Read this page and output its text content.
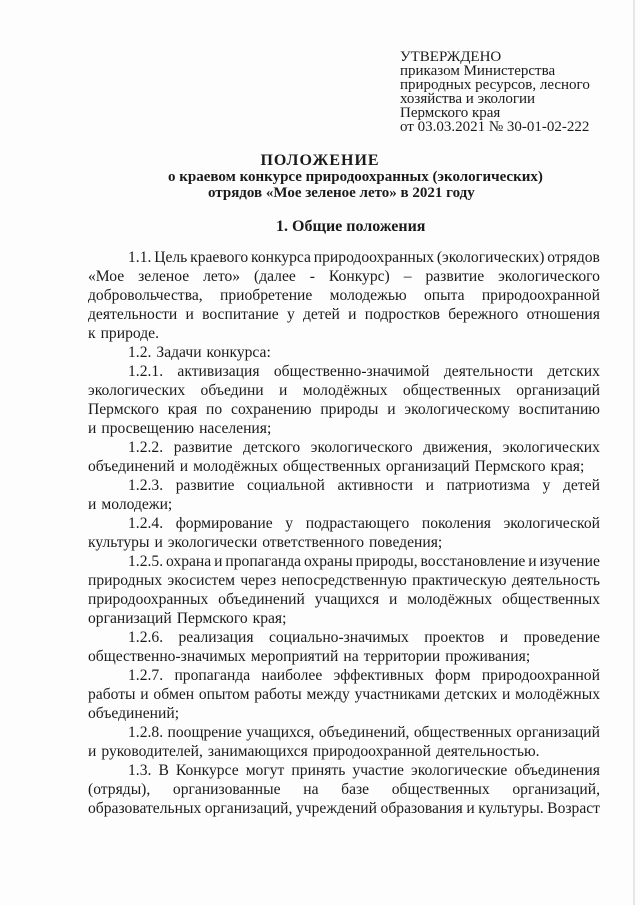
УТВЕРЖДЕНО
приказом Министерства
природных ресурсов, лесного
хозяйства и экологии
Пермского края
от 03.03.2021 № 30-01-02-222
ПОЛОЖЕНИЕ
о краевом конкурсе природоохранных (экологических)
отрядов «Мое зеленое лето» в 2021 году
1. Общие положения
1.1. Цель краевого конкурса природоохранных (экологических) отрядов
«Мое зеленое лето» (далее - Конкурс) – развитие экологического
добровольчества, приобретение молодежью опыта природоохранной
деятельности и воспитание у детей и подростков бережного отношения
к природе.
1.2. Задачи конкурса:
1.2.1. активизация общественно-значимой деятельности детских
экологических объедини и молодёжных общественных организаций
Пермского края по сохранению природы и экологическому воспитанию
и просвещению населения;
1.2.2. развитие детского экологического движения, экологических
объединений и молодёжных общественных организаций Пермского края;
1.2.3. развитие социальной активности и патриотизма у детей
и молодежи;
1.2.4. формирование у подрастающего поколения экологической
культуры и экологически ответственного поведения;
1.2.5. охрана и пропаганда охраны природы, восстановление и изучение
природных экосистем через непосредственную практическую деятельность
природоохранных объединений учащихся и молодёжных общественных
организаций Пермского края;
1.2.6. реализация социально-значимых проектов и проведение
общественно-значимых мероприятий на территории проживания;
1.2.7. пропаганда наиболее эффективных форм природоохранной
работы и обмен опытом работы между участниками детских и молодёжных
объединений;
1.2.8. поощрение учащихся, объединений, общественных организаций
и руководителей, занимающихся природоохранной деятельностью.
1.3. В Конкурсе могут принять участие экологические объединения
(отряды), организованные на базе общественных организаций,
образовательных организаций, учреждений образования и культуры. Возраст
